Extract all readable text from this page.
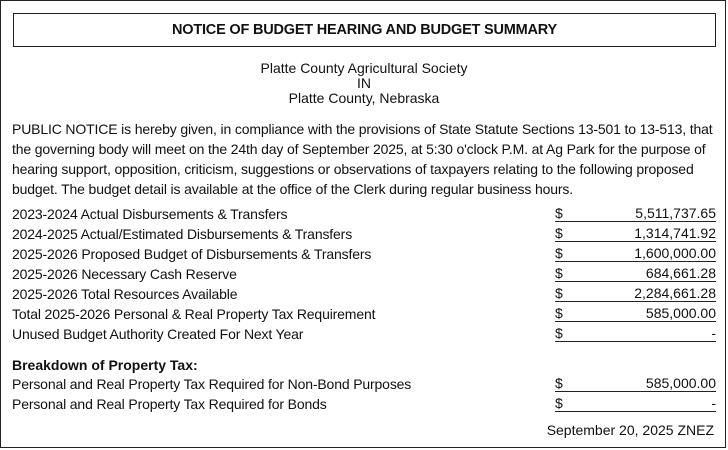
NOTICE OF BUDGET HEARING AND BUDGET SUMMARY
Platte County Agricultural Society
IN
Platte County, Nebraska
PUBLIC NOTICE is hereby given, in compliance with the provisions of State Statute Sections 13-501 to 13-513, that the governing body will meet on the 24th day of September 2025, at 5:30 o'clock P.M. at Ag Park for the purpose of hearing support, opposition, criticism, suggestions or observations of taxpayers relating to the following proposed budget. The budget detail is available at the office of the Clerk during regular business hours.
2023-2024 Actual Disbursements & Transfers	$	5,511,737.65
2024-2025 Actual/Estimated Disbursements & Transfers	$	1,314,741.92
2025-2026 Proposed Budget of Disbursements & Transfers	$	1,600,000.00
2025-2026 Necessary Cash Reserve	$	684,661.28
2025-2026 Total Resources Available	$	2,284,661.28
Total 2025-2026 Personal & Real Property Tax Requirement	$	585,000.00
Unused Budget Authority Created For Next Year	$	-
Breakdown of Property Tax:
Personal and Real Property Tax Required for Non-Bond Purposes	$	585,000.00
Personal and Real Property Tax Required for Bonds	$	-
September 20, 2025 ZNEZ
